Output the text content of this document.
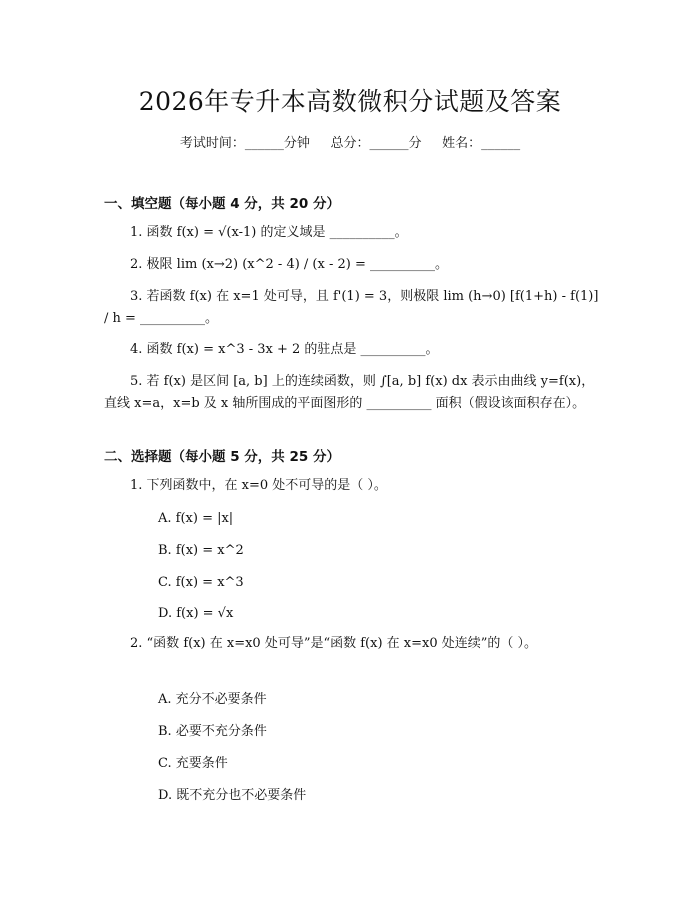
2026年专升本高数微积分试题及答案
考试时间：______分钟     总分：______分     姓名：______
一、填空题（每小题 4 分，共 20 分）
1. 函数 f(x) = √(x-1) 的定义域是 __________。
2. 极限 lim (x→2) (x^2 - 4) / (x - 2) = __________。
3. 若函数 f(x) 在 x=1 处可导，且 f'(1) = 3，则极限 lim (h→0) [f(1+h) - f(1)] / h = __________。
4. 函数 f(x) = x^3 - 3x + 2 的驻点是 __________。
5. 若 f(x) 是区间 [a, b] 上的连续函数，则 ∫[a, b] f(x) dx 表示由曲线 y=f(x)，直线 x=a，x=b 及 x 轴所围成的平面图形的 __________ 面积（假设该面积存在）。
二、选择题（每小题 5 分，共 25 分）
1. 下列函数中，在 x=0 处不可导的是（ ）。
A. f(x) = |x|
B. f(x) = x^2
C. f(x) = x^3
D. f(x) = √x
2. “函数 f(x) 在 x=x0 处可导”是“函数 f(x) 在 x=x0 处连续”的（ ）。
A. 充分不必要条件
B. 必要不充分条件
C. 充要条件
D. 既不充分也不必要条件
